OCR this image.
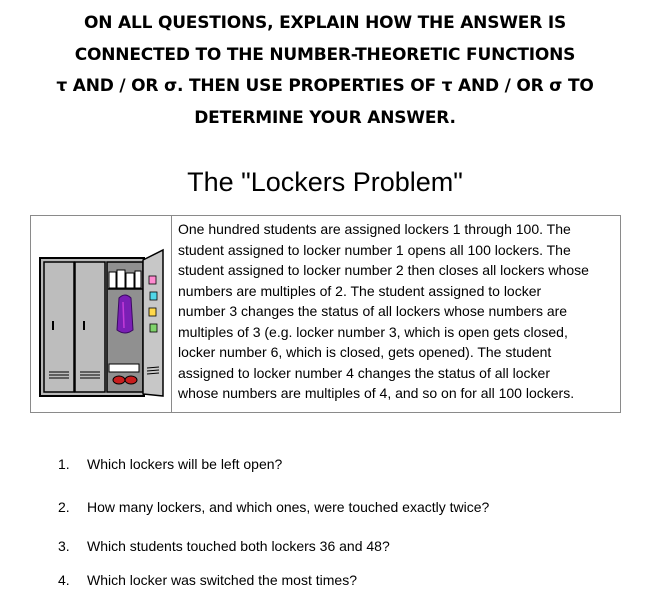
ON ALL QUESTIONS, EXPLAIN HOW THE ANSWER IS
CONNECTED TO THE NUMBER-THEORETIC FUNCTIONS
τ AND / OR σ. THEN USE PROPERTIES OF τ AND / OR σ TO
DETERMINE YOUR ANSWER.
The "Lockers Problem"
One hundred students are assigned lockers 1 through 100. The
student assigned to locker number 1 opens all 100 lockers. The
student assigned to locker number 2 then closes all lockers whose
numbers are multiples of 2. The student assigned to locker
number 3 changes the status of all lockers whose numbers are
multiples of 3 (e.g. locker number 3, which is open gets closed,
locker number 6, which is closed, gets opened). The student
assigned to locker number 4 changes the status of all locker
whose numbers are multiples of 4, and so on for all 100 lockers.
1. Which lockers will be left open?
2. How many lockers, and which ones, were touched exactly twice?
3. Which students touched both lockers 36 and 48?
4. Which locker was switched the most times?
